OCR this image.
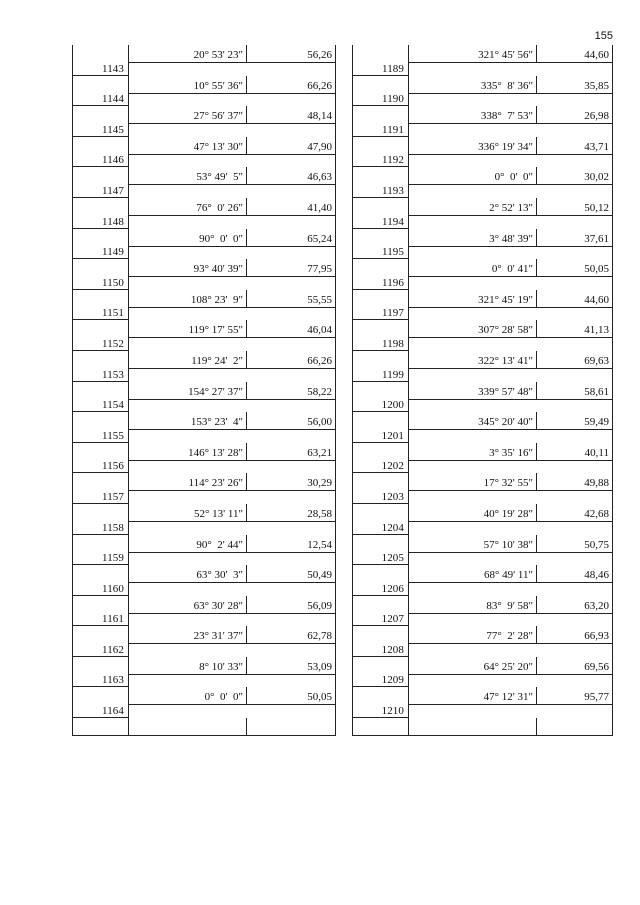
155
1143
20° 53' 23"	56,26
1144
10° 55' 36"	66,26
1145
27° 56' 37"	48,14
1146
47° 13' 30"	47,90
1147
53° 49'  5"	46,63
1148
76°  0' 26"	41,40
1149
90°  0'  0"	65,24
1150
93° 40' 39"	77,95
1151
108° 23'  9"	55,55
1152
119° 17' 55"	46,04
1153
119° 24'  2"	66,26
1154
154° 27' 37"	58,22
1155
153° 23'  4"	56,00
1156
146° 13' 28"	63,21
1157
114° 23' 26"	30,29
1158
52° 13' 11"	28,58
1159
90°  2' 44"	12,54
1160
63° 30'  3"	50,49
1161
63° 30' 28"	56,09
1162
23° 31' 37"	62,78
1163
8° 10' 33"	53,09
1164
0°  0'  0"	50,05
1189
321° 45' 56"	44,60
1190
335°  8' 36"	35,85
1191
338°  7' 53"	26,98
1192
336° 19' 34"	43,71
1193
0°  0'  0"	30,02
1194
2° 52' 13"	50,12
1195
3° 48' 39"	37,61
1196
0°  0' 41"	50,05
1197
321° 45' 19"	44,60
1198
307° 28' 58"	41,13
1199
322° 13' 41"	69,63
1200
339° 57' 48"	58,61
1201
345° 20' 40"	59,49
1202
3° 35' 16"	40,11
1203
17° 32' 55"	49,88
1204
40° 19' 28"	42,68
1205
57° 10' 38"	50,75
1206
68° 49' 11"	48,46
1207
83°  9' 58"	63,20
1208
77°  2' 28"	66,93
1209
64° 25' 20"	69,56
1210
47° 12' 31"	95,77
